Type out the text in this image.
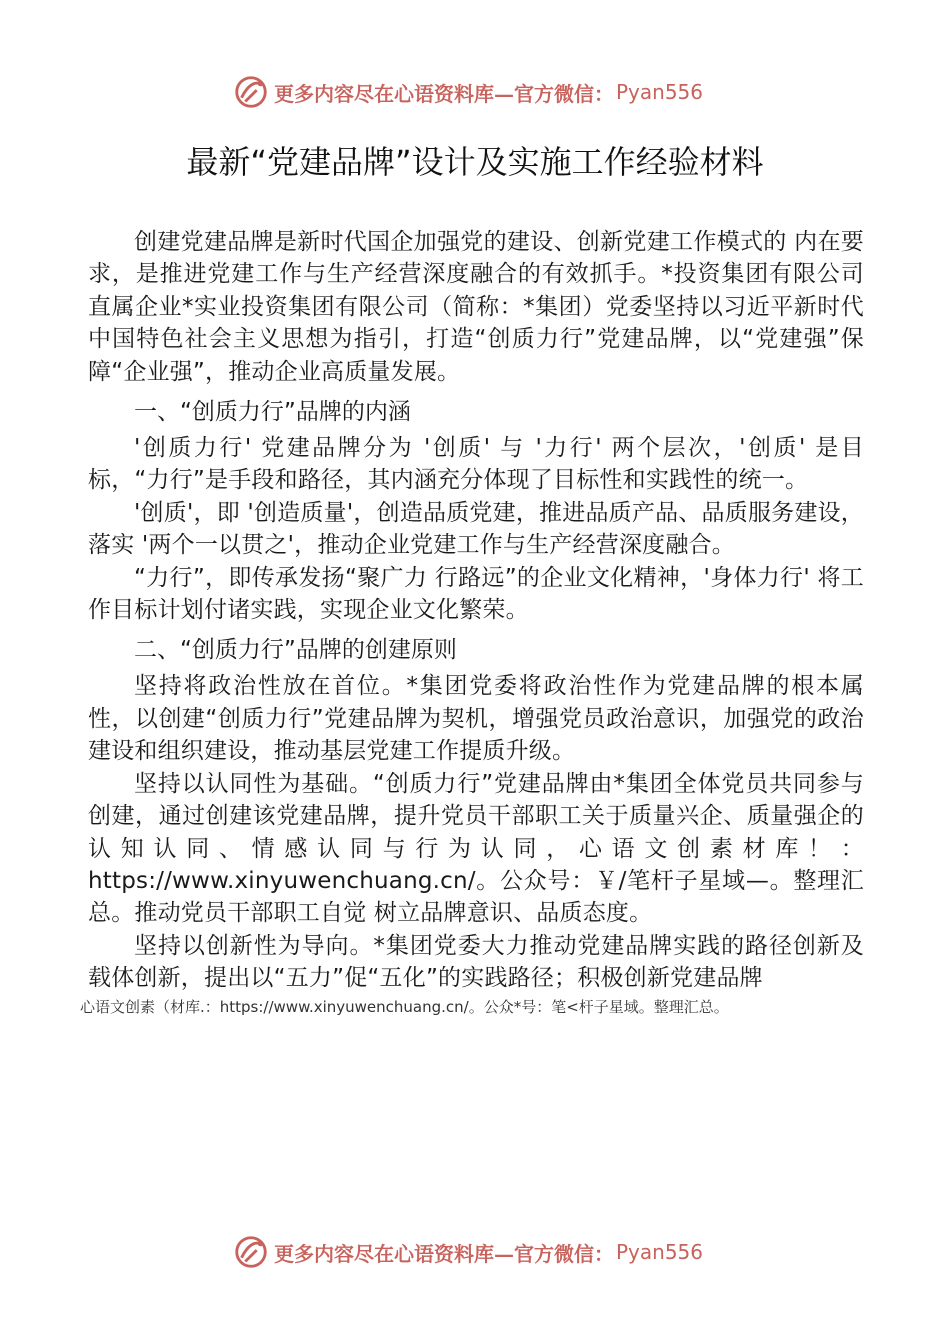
更多内容尽在心语资料库—官方微信： Pyan556
最新“党建品牌”设计及实施工作经验材料

创建党建品牌是新时代国企加强党的建设、创新党建工作模式的 内在要求，是推进党建工作与生产经营深度融合的有效抓手。*投资集团有限公司直属企业*实业投资集团有限公司（简称：*集团）党委坚持以习近平新时代中国特色社会主义思想为指引，打造“创质力行”党建品牌，以“党建强”保障“企业强”，推动企业高质量发展。

一、“创质力行”品牌的内涵

'创质力行' 党建品牌分为 '创质' 与 '力行' 两个层次，'创质' 是目标，“力行”是手段和路径，其内涵充分体现了目标性和实践性的统一。

'创质'，即 '创造质量'，创造品质党建，推进品质产品、品质服务建设，落实 '两个一以贯之'，推动企业党建工作与生产经营深度融合。

“力行”，即传承发扬“聚广力 行路远”的企业文化精神，'身体力行' 将工作目标计划付诸实践，实现企业文化繁荣。

二、“创质力行”品牌的创建原则

坚持将政治性放在首位。*集团党委将政治性作为党建品牌的根本属性，以创建“创质力行”党建品牌为契机，增强党员政治意识，加强党的政治建设和组织建设，推动基层党建工作提质升级。

坚持以认同性为基础。“创质力行”党建品牌由*集团全体党员共同参与创建，通过创建该党建品牌，提升党员干部职工关于质量兴企、质量强企的认知认同、情感认同与行为认同，心语文创素材库！：https://www.xinyuwenchuang.cn/。公众号：￥/笔杆子星域—。整理汇总。推动党员干部职工自觉 树立品牌意识、品质态度。

坚持以创新性为导向。*集团党委大力推动党建品牌实践的路径创新及载体创新，提出以“五力”促“五化”的实践路径；积极创新党建品牌

心语文创素（材库.：https://www.xinyuwenchuang.cn/。公众*号：笔<杆子星域。整理汇总。

更多内容尽在心语资料库—官方微信： Pyan556
